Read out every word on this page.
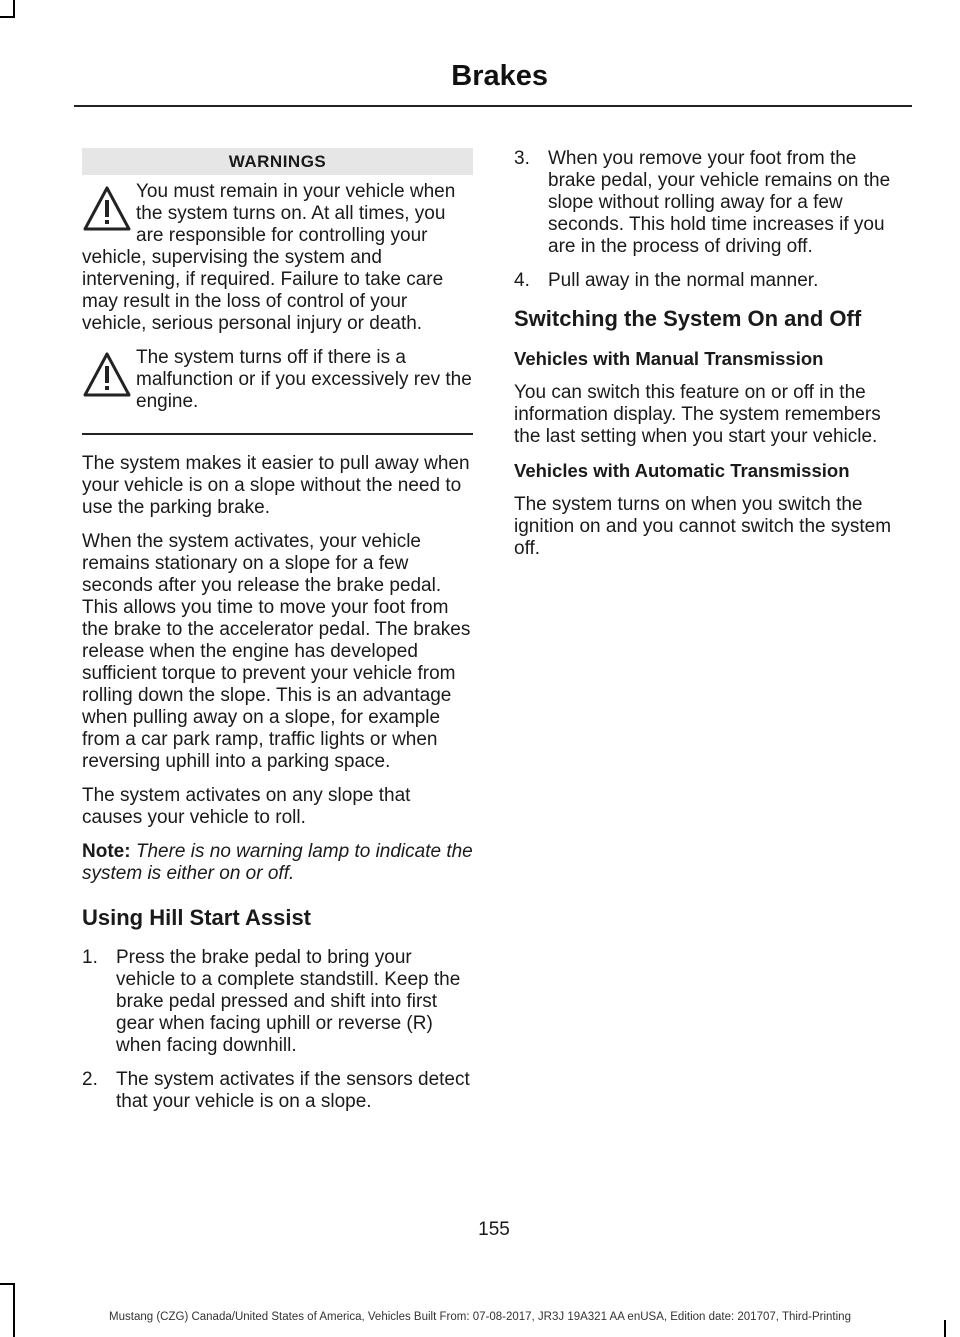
Brakes
WARNINGS

You must remain in your vehicle when the system turns on. At all times, you are responsible for controlling your vehicle, supervising the system and intervening, if required. Failure to take care may result in the loss of control of your vehicle, serious personal injury or death.

The system turns off if there is a malfunction or if you excessively rev the engine.

The system makes it easier to pull away when your vehicle is on a slope without the need to use the parking brake.

When the system activates, your vehicle remains stationary on a slope for a few seconds after you release the brake pedal. This allows you time to move your foot from the brake to the accelerator pedal. The brakes release when the engine has developed sufficient torque to prevent your vehicle from rolling down the slope. This is an advantage when pulling away on a slope, for example from a car park ramp, traffic lights or when reversing uphill into a parking space.

The system activates on any slope that causes your vehicle to roll.

Note: There is no warning lamp to indicate the system is either on or off.

Using Hill Start Assist
1. Press the brake pedal to bring your vehicle to a complete standstill. Keep the brake pedal pressed and shift into first gear when facing uphill or reverse (R) when facing downhill.
2. The system activates if the sensors detect that your vehicle is on a slope.
3. When you remove your foot from the brake pedal, your vehicle remains on the slope without rolling away for a few seconds. This hold time increases if you are in the process of driving off.
4. Pull away in the normal manner.
Switching the System On and Off
Vehicles with Manual Transmission

You can switch this feature on or off in the information display. The system remembers the last setting when you start your vehicle.

Vehicles with Automatic Transmission

The system turns on when you switch the ignition on and you cannot switch the system off.

155
Mustang (CZG) Canada/United States of America, Vehicles Built From: 07-08-2017, JR3J 19A321 AA enUSA, Edition date: 201707, Third-Printing
